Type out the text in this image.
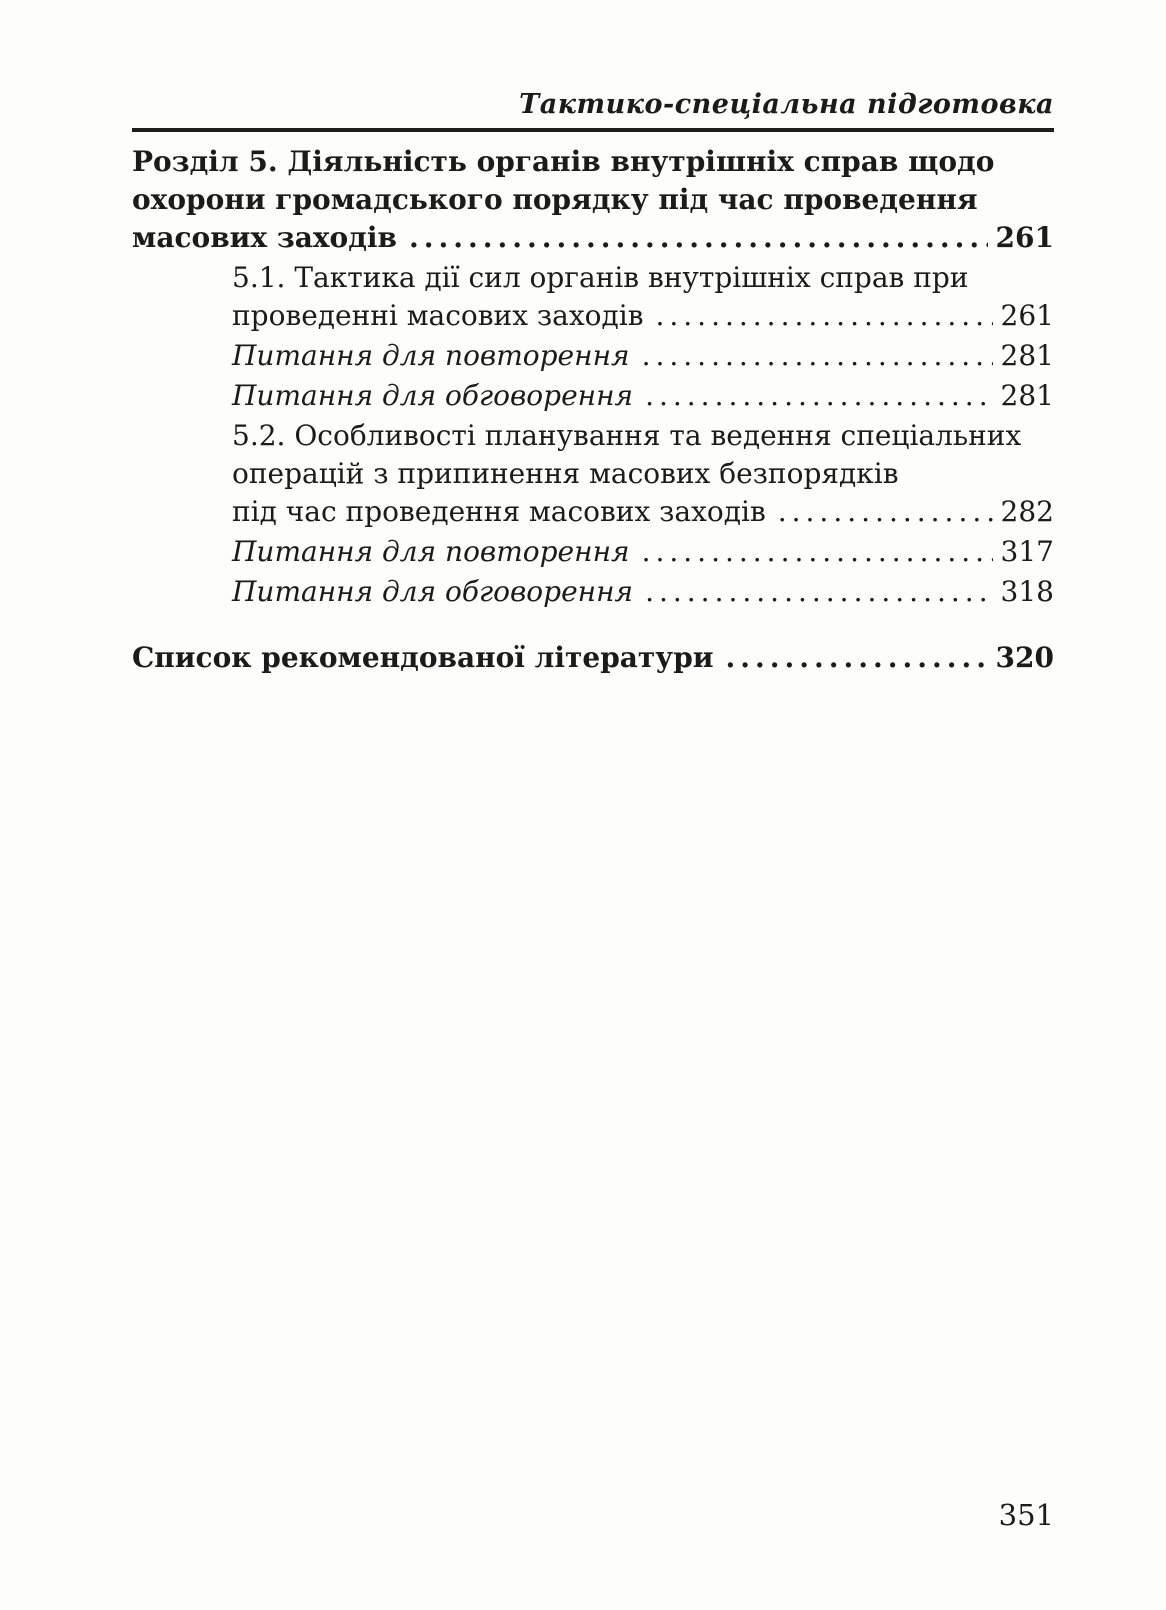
Тактико-спеціальна підготовка
Розділ 5. Діяльність органів внутрішніх справ щодо
охорони громадського порядку під час проведення
масових заходів .....	261
5.1. Тактика дії сил органів внутрішніх справ при
проведенні масових заходів .....	261
Питання для повторення .....	281
Питання для обговорення .....	281
5.2. Особливості планування та ведення спеціальних
операцій з припинення масових безпорядків
під час проведення масових заходів .....	282
Питання для повторення .....	317
Питання для обговорення .....	318
Список рекомендованої літератури .....	320
351
